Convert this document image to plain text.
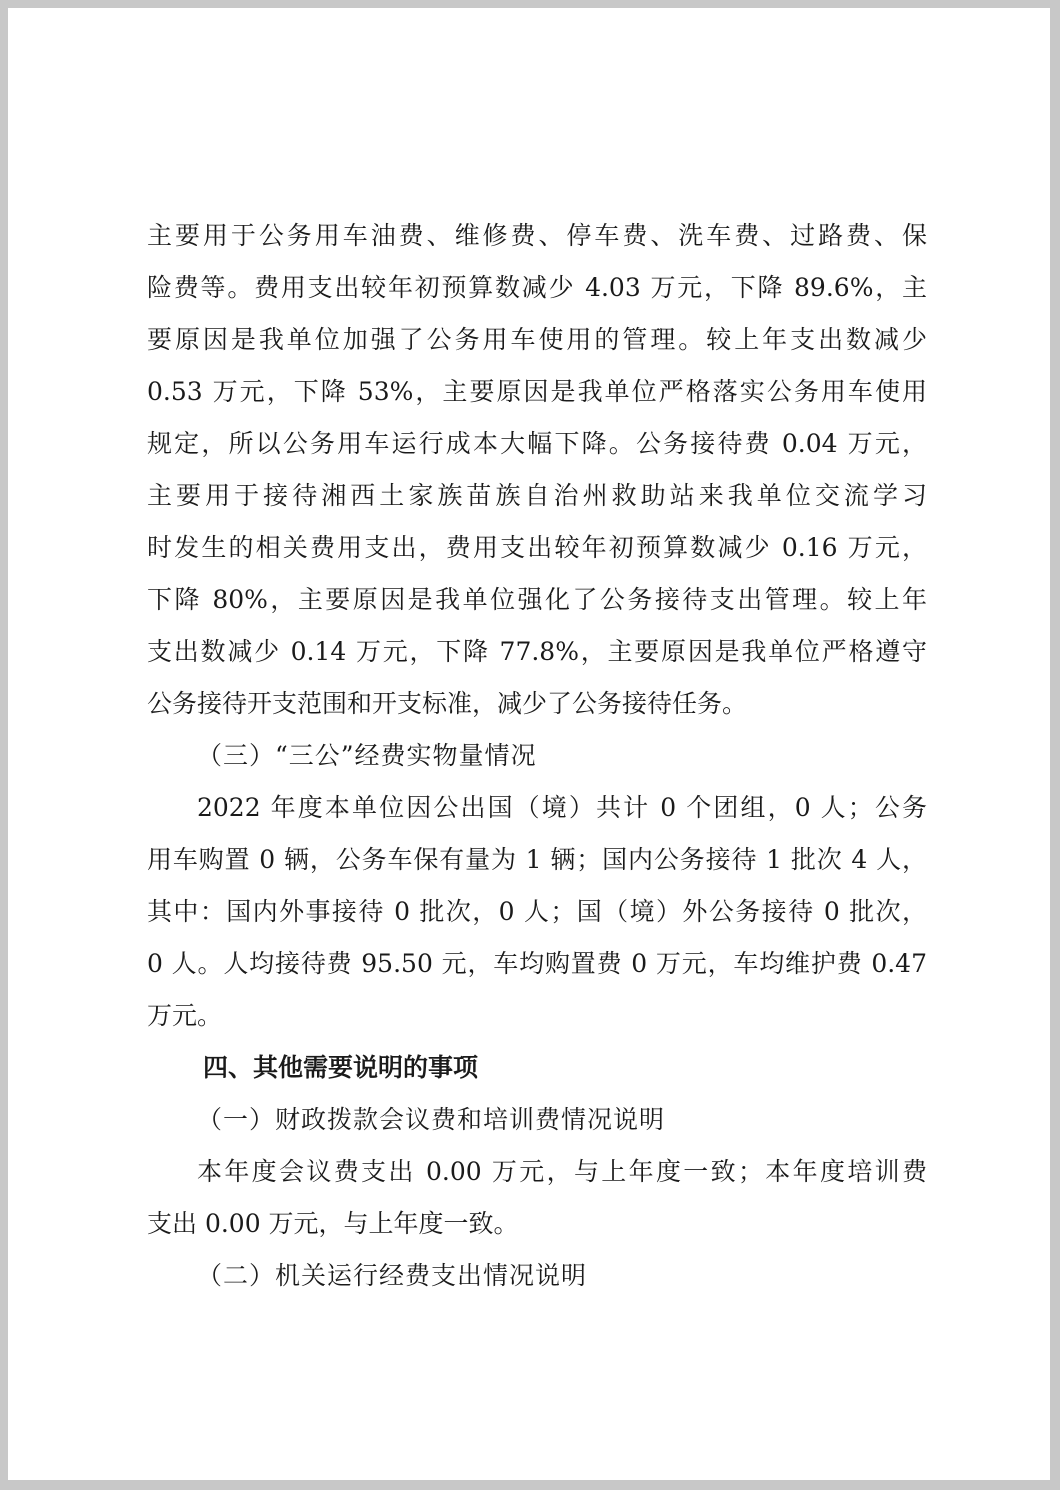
主要用于公务用车油费、维修费、停车费、洗车费、过路费、保
险费等。费用支出较年初预算数减少 4.03 万元，下降 89.6%，主
要原因是我单位加强了公务用车使用的管理。较上年支出数减少
0.53 万元，下降 53%，主要原因是我单位严格落实公务用车使用
规定，所以公务用车运行成本大幅下降。公务接待费 0.04 万元，
主要用于接待湘西土家族苗族自治州救助站来我单位交流学习
时发生的相关费用支出，费用支出较年初预算数减少 0.16 万元，
下降 80%，主要原因是我单位强化了公务接待支出管理。较上年
支出数减少 0.14 万元，下降 77.8%，主要原因是我单位严格遵守
公务接待开支范围和开支标准，减少了公务接待任务。

（三）“三公”经费实物量情况

2022 年度本单位因公出国（境）共计 0 个团组，0 人；公务
用车购置 0 辆，公务车保有量为 1 辆；国内公务接待 1 批次 4 人，
其中：国内外事接待 0 批次，0 人；国（境）外公务接待 0 批次，
0 人。人均接待费 95.50 元，车均购置费 0 万元，车均维护费 0.47
万元。

四、其他需要说明的事项

（一）财政拨款会议费和培训费情况说明

本年度会议费支出 0.00 万元，与上年度一致；本年度培训费
支出 0.00 万元，与上年度一致。

（二）机关运行经费支出情况说明
